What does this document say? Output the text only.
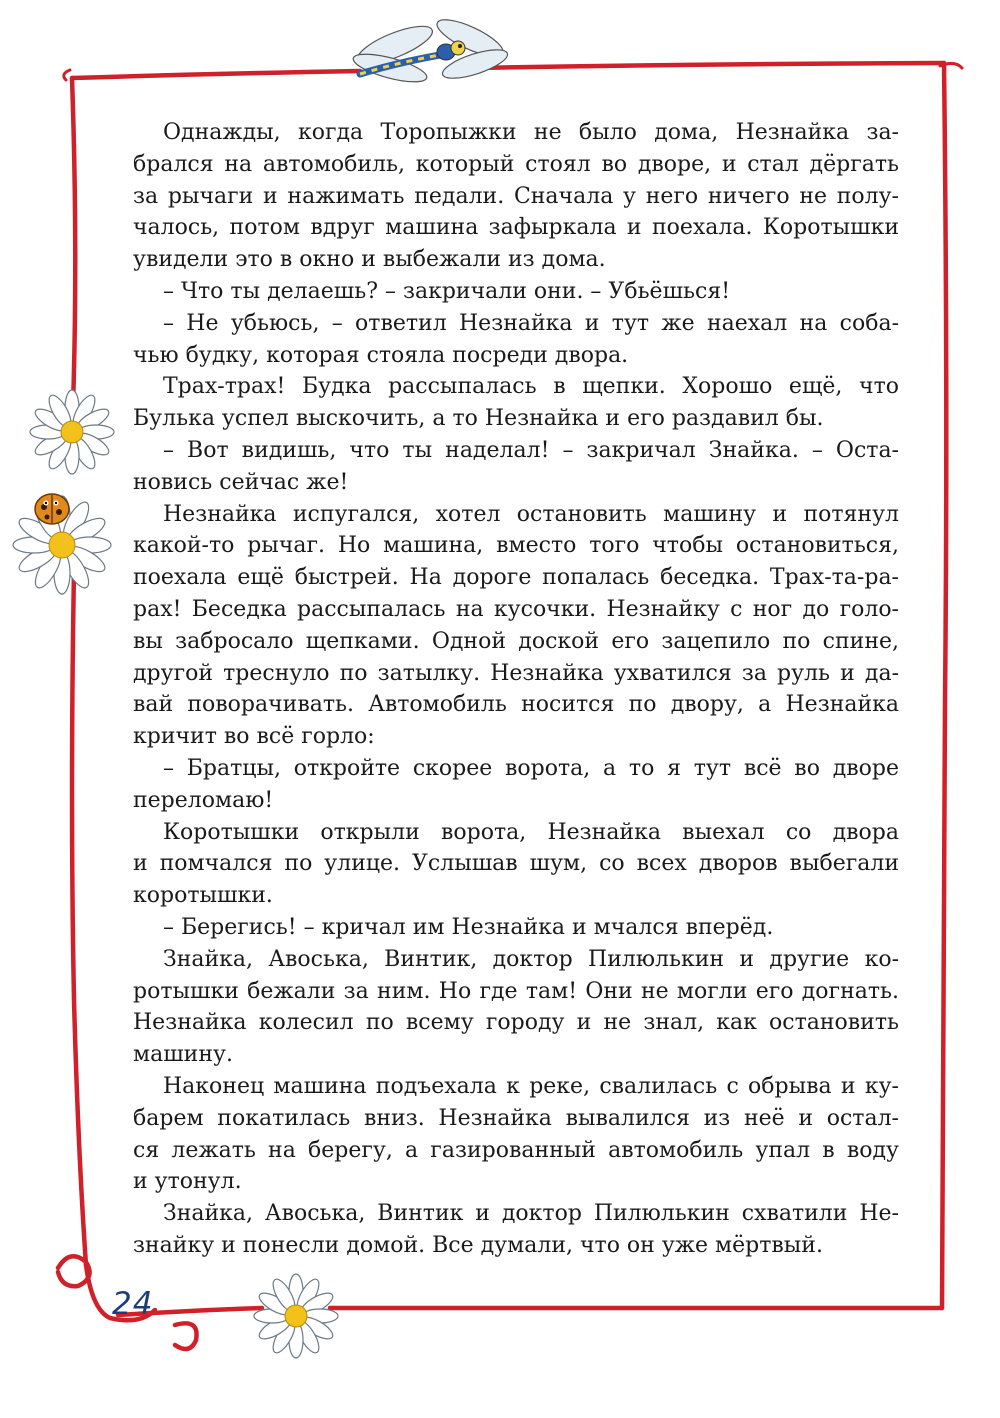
Однажды, когда Торопыжки не было дома, Незнайка за-
брался на автомобиль, который стоял во дворе, и стал дёргать
за рычаги и нажимать педали. Сначала у него ничего не полу-
чалось, потом вдруг машина зафыркала и поехала. Коротышки
увидели это в окно и выбежали из дома.
– Что ты делаешь? – закричали они. – Убьёшься!
– Не убьюсь, – ответил Незнайка и тут же наехал на соба-
чью будку, которая стояла посреди двора.
Трах-трах! Будка рассыпалась в щепки. Хорошо ещё, что
Булька успел выскочить, а то Незнайка и его раздавил бы.
– Вот видишь, что ты наделал! – закричал Знайка. – Оста-
новись сейчас же!
Незнайка испугался, хотел остановить машину и потянул
какой-то рычаг. Но машина, вместо того чтобы остановиться,
поехала ещё быстрей. На дороге попалась беседка. Трах-та-ра-
рах! Беседка рассыпалась на кусочки. Незнайку с ног до голо-
вы забросало щепками. Одной доской его зацепило по спине,
другой треснуло по затылку. Незнайка ухватился за руль и да-
вай поворачивать. Автомобиль носится по двору, а Незнайка
кричит во всё горло:
– Братцы, откройте скорее ворота, а то я тут всё во дворе
переломаю!
Коротышки открыли ворота, Незнайка выехал со двора
и помчался по улице. Услышав шум, со всех дворов выбегали
коротышки.
– Берегись! – кричал им Незнайка и мчался вперёд.
Знайка, Авоська, Винтик, доктор Пилюлькин и другие ко-
ротышки бежали за ним. Но где там! Они не могли его догнать.
Незнайка колесил по всему городу и не знал, как остановить
машину.
Наконец машина подъехала к реке, свалилась с обрыва и ку-
барем покатилась вниз. Незнайка вывалился из неё и остал-
ся лежать на берегу, а газированный автомобиль упал в воду
и утонул.
Знайка, Авоська, Винтик и доктор Пилюлькин схватили Не-
знайку и понесли домой. Все думали, что он уже мёртвый.
24
